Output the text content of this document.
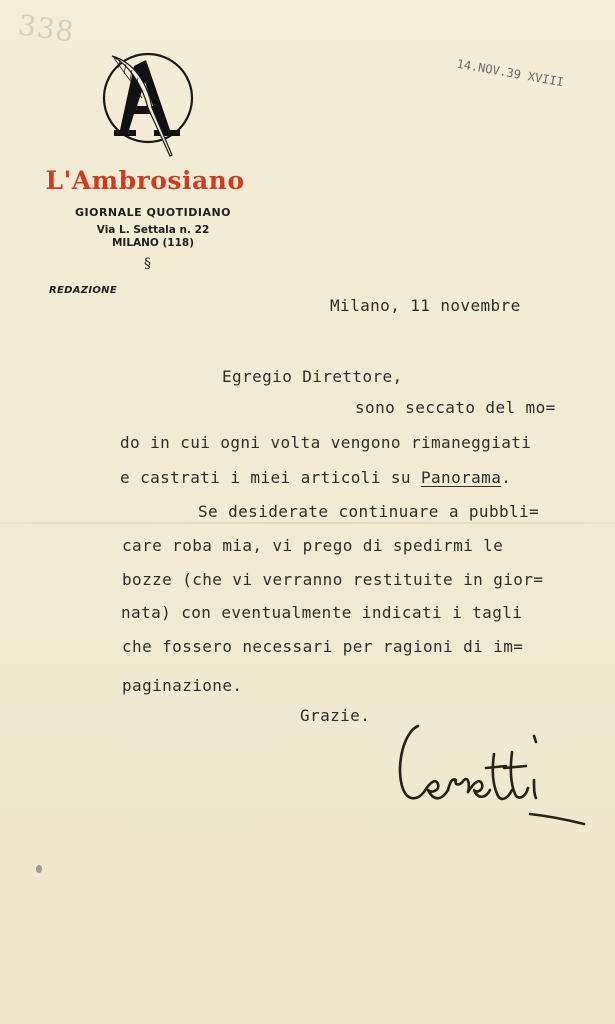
338
14.NOV.39 XVIII
L'Ambrosiano
GIORNALE QUOTIDIANO
Via L. Settala n. 22
MILANO (118)
§
REDAZIONE
Milano, 11 novembre
Egregio Direttore,
sono seccato del mo=
do in cui ogni volta vengono rimaneggiati
e castrati i miei articoli su Panorama.
Se desiderate continuare a pubbli=
care roba mia, vi prego di spedirmi le
bozze (che vi verranno restituite in gior=
nata) con eventualmente indicati i tagli
che fossero necessari per ragioni di im=
paginazione.
Grazie.
